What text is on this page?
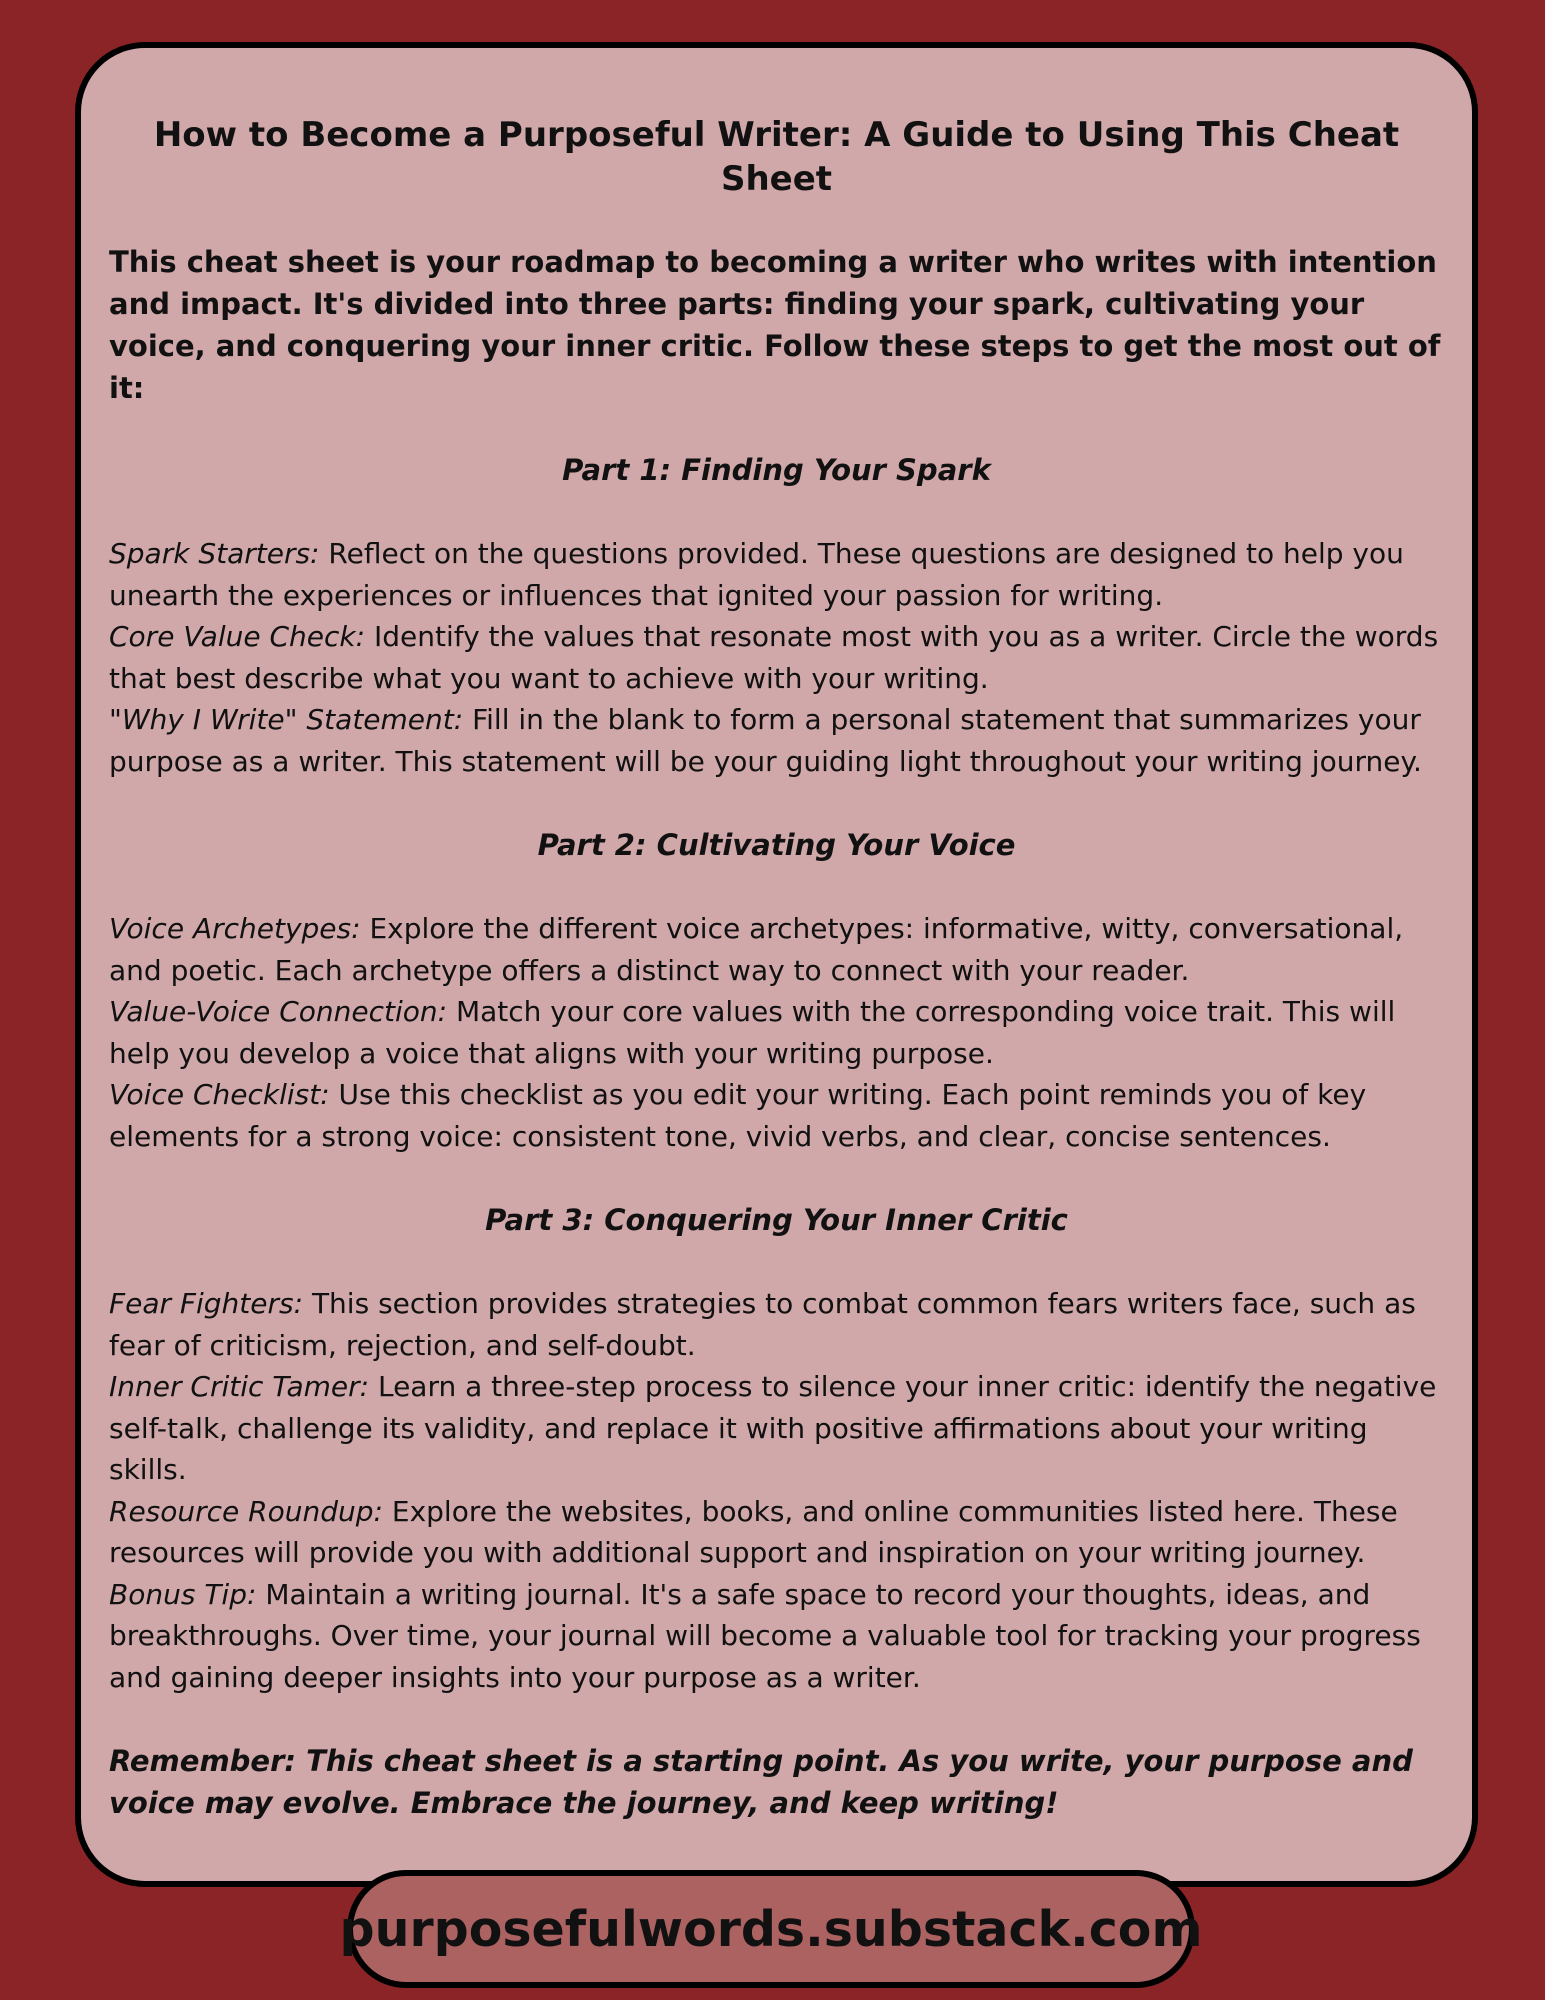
How to Become a Purposeful Writer: A Guide to Using This Cheat Sheet

This cheat sheet is your roadmap to becoming a writer who writes with intention and impact. It's divided into three parts: finding your spark, cultivating your voice, and conquering your inner critic. Follow these steps to get the most out of it:

Part 1: Finding Your Spark

Spark Starters: Reflect on the questions provided. These questions are designed to help you unearth the experiences or influences that ignited your passion for writing.

Core Value Check: Identify the values that resonate most with you as a writer. Circle the words that best describe what you want to achieve with your writing.

"Why I Write" Statement: Fill in the blank to form a personal statement that summarizes your purpose as a writer. This statement will be your guiding light throughout your writing journey.

Part 2: Cultivating Your Voice

Voice Archetypes: Explore the different voice archetypes: informative, witty, conversational, and poetic. Each archetype offers a distinct way to connect with your reader.

Value-Voice Connection: Match your core values with the corresponding voice trait. This will help you develop a voice that aligns with your writing purpose.

Voice Checklist: Use this checklist as you edit your writing. Each point reminds you of key elements for a strong voice: consistent tone, vivid verbs, and clear, concise sentences.

Part 3: Conquering Your Inner Critic

Fear Fighters: This section provides strategies to combat common fears writers face, such as fear of criticism, rejection, and self-doubt.

Inner Critic Tamer: Learn a three-step process to silence your inner critic: identify the negative self-talk, challenge its validity, and replace it with positive affirmations about your writing skills.

Resource Roundup: Explore the websites, books, and online communities listed here. These resources will provide you with additional support and inspiration on your writing journey.

Bonus Tip: Maintain a writing journal. It's a safe space to record your thoughts, ideas, and breakthroughs. Over time, your journal will become a valuable tool for tracking your progress and gaining deeper insights into your purpose as a writer.

Remember: This cheat sheet is a starting point. As you write, your purpose and voice may evolve. Embrace the journey, and keep writing!

purposefulwords.substack.com
